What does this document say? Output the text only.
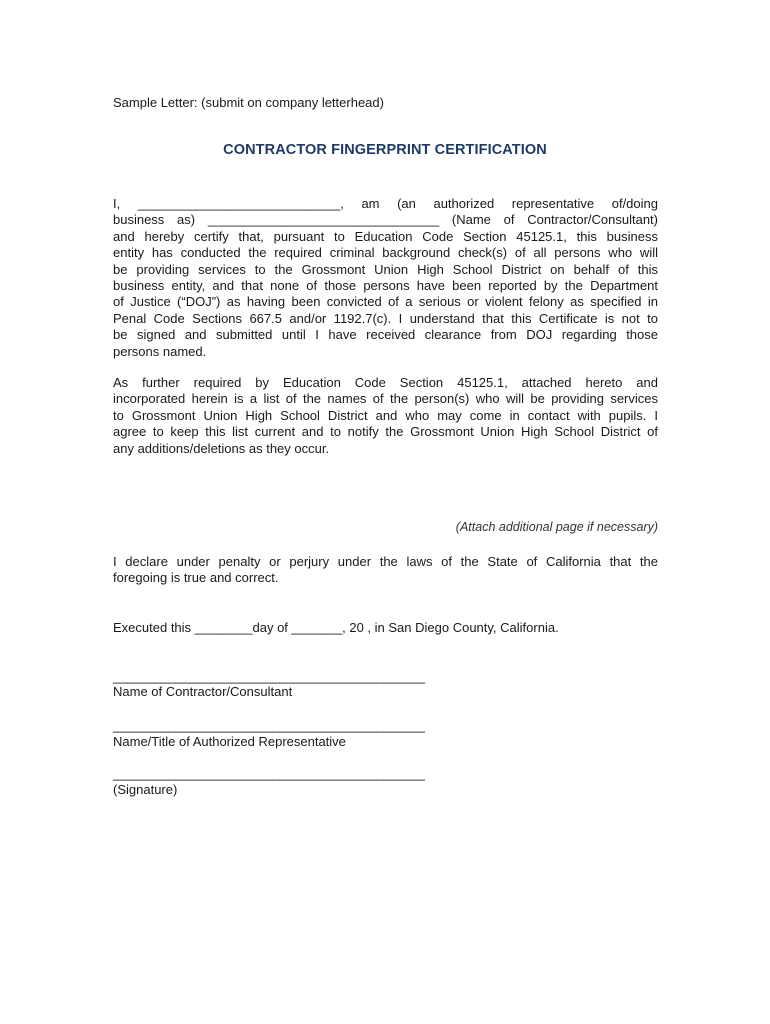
Sample Letter: (submit on company letterhead)
CONTRACTOR FINGERPRINT CERTIFICATION
I, ____________________________, am (an authorized representative of/doing
business as) ________________________________ (Name of Contractor/Consultant)
and hereby certify that, pursuant to Education Code Section 45125.1, this business
entity has conducted the required criminal background check(s) of all persons who will
be providing services to the Grossmont Union High School District on behalf of this
business entity, and that none of those persons have been reported by the Department
of Justice (“DOJ”) as having been convicted of a serious or violent felony as specified in
Penal Code Sections 667.5 and/or 1192.7(c). I understand that this Certificate is not to
be signed and submitted until I have received clearance from DOJ regarding those
persons named.
As further required by Education Code Section 45125.1, attached hereto and
incorporated herein is a list of the names of the person(s) who will be providing services
to Grossmont Union High School District and who may come in contact with pupils. I
agree to keep this list current and to notify the Grossmont Union High School District of
any additions/deletions as they occur.
(Attach additional page if necessary)
I declare under penalty or perjury under the laws of the State of California that the
foregoing is true and correct.
Executed this ________day of _______, 20 , in San Diego County, California.
_____________________________________________
Name of Contractor/Consultant
_____________________________________________
Name/Title of Authorized Representative
_____________________________________________
(Signature)
